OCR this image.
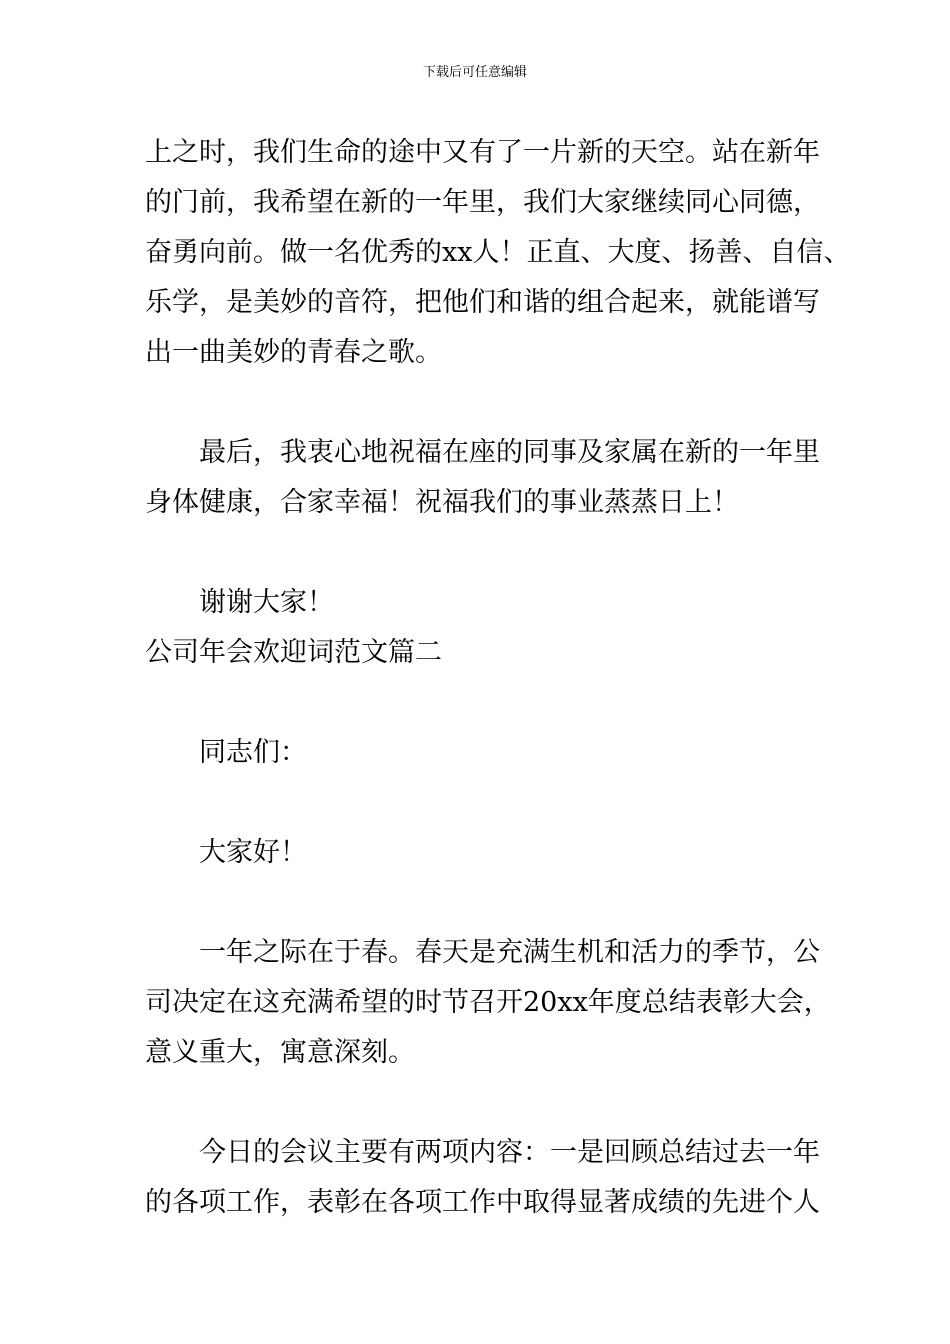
下载后可任意编辑
上之时，我们生命的途中又有了一片新的天空。站在新年
的门前，我希望在新的一年里，我们大家继续同心同德，
奋勇向前。做一名优秀的xx人！正直、大度、扬善、自信、
乐学，是美妙的音符，把他们和谐的组合起来，就能谱写
出一曲美妙的青春之歌。
最后，我衷心地祝福在座的同事及家属在新的一年里
身体健康，合家幸福！祝福我们的事业蒸蒸日上！
谢谢大家！
公司年会欢迎词范文篇二
同志们：
大家好！
一年之际在于春。春天是充满生机和活力的季节，公
司决定在这充满希望的时节召开20xx年度总结表彰大会，
意义重大，寓意深刻。
今日的会议主要有两项内容：一是回顾总结过去一年
的各项工作，表彰在各项工作中取得显著成绩的先进个人
